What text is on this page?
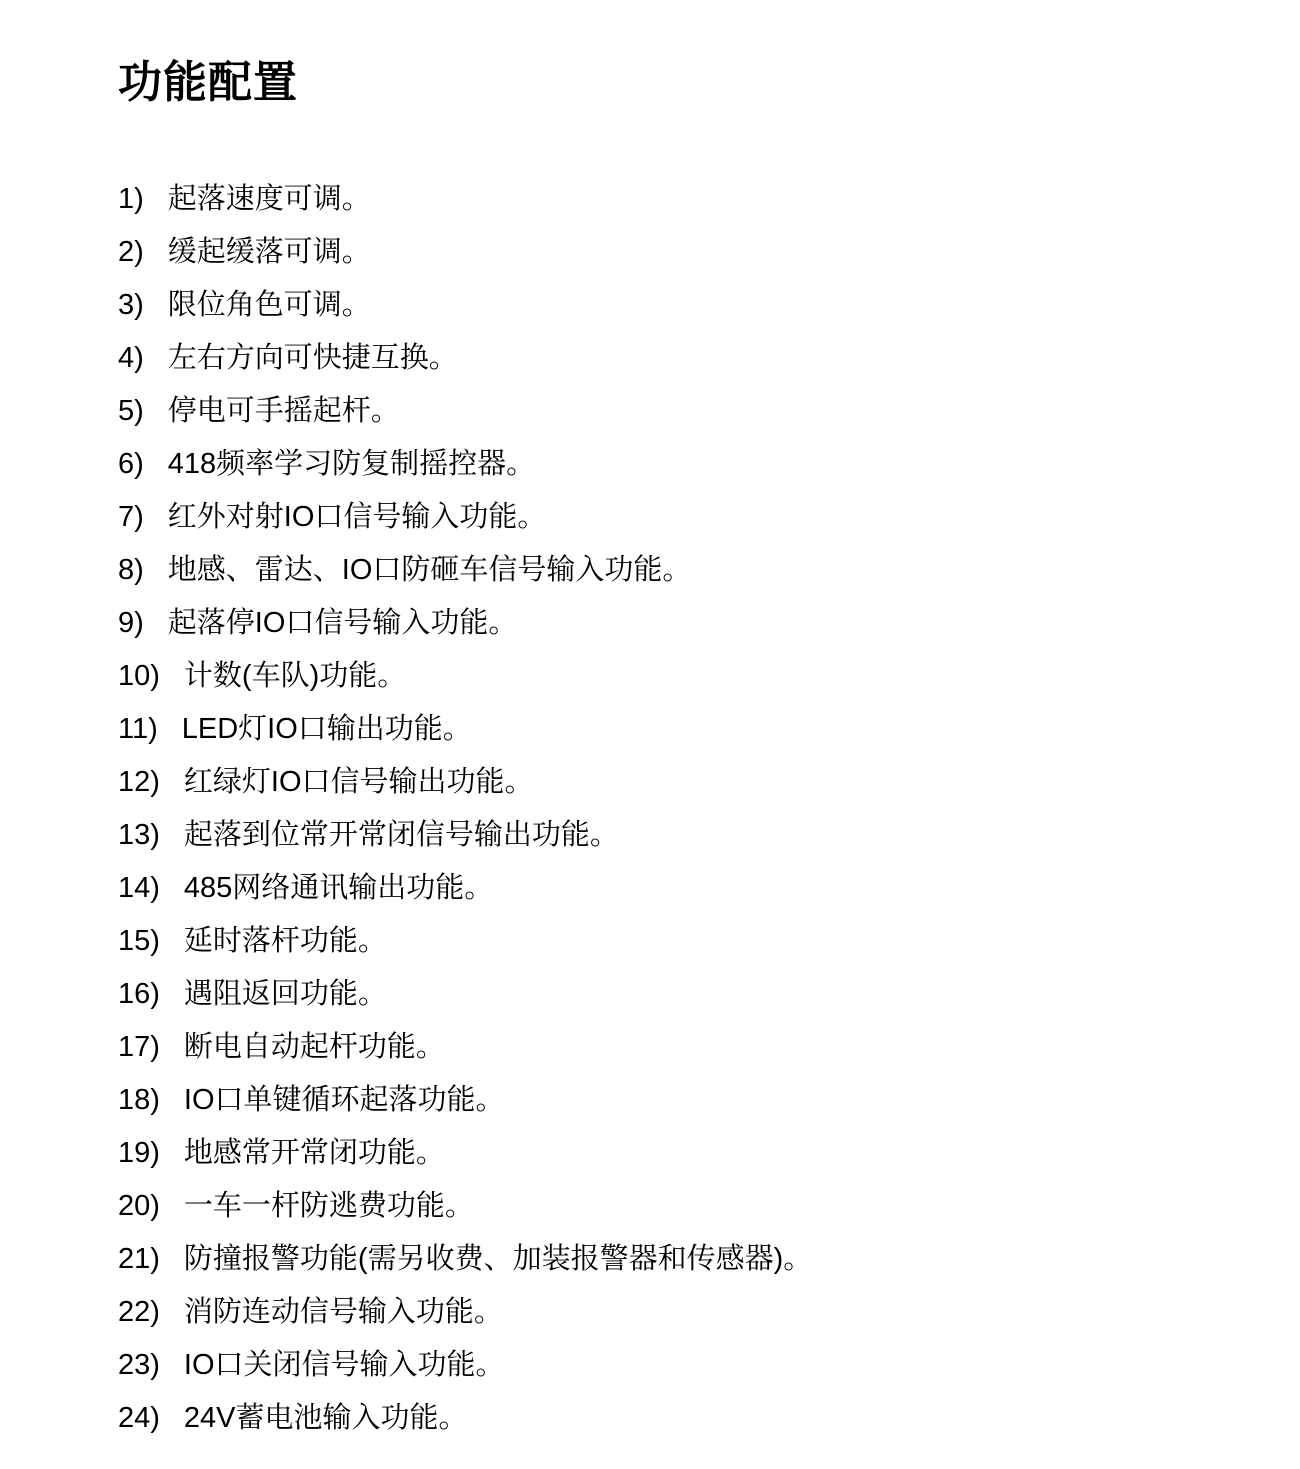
功能配置
1) 起落速度可调。
2) 缓起缓落可调。
3) 限位角色可调。
4) 左右方向可快捷互换。
5) 停电可手摇起杆。
6) 418频率学习防复制摇控器。
7) 红外对射IO口信号输入功能。
8) 地感、雷达、IO口防砸车信号输入功能。
9) 起落停IO口信号输入功能。
10) 计数(车队)功能。
11) LED灯IO口输出功能。
12) 红绿灯IO口信号输出功能。
13) 起落到位常开常闭信号输出功能。
14) 485网络通讯输出功能。
15) 延时落杆功能。
16) 遇阻返回功能。
17) 断电自动起杆功能。
18) IO口单键循环起落功能。
19) 地感常开常闭功能。
20) 一车一杆防逃费功能。
21) 防撞报警功能(需另收费、加装报警器和传感器)。
22) 消防连动信号输入功能。
23) IO口关闭信号输入功能。
24) 24V蓄电池输入功能。
